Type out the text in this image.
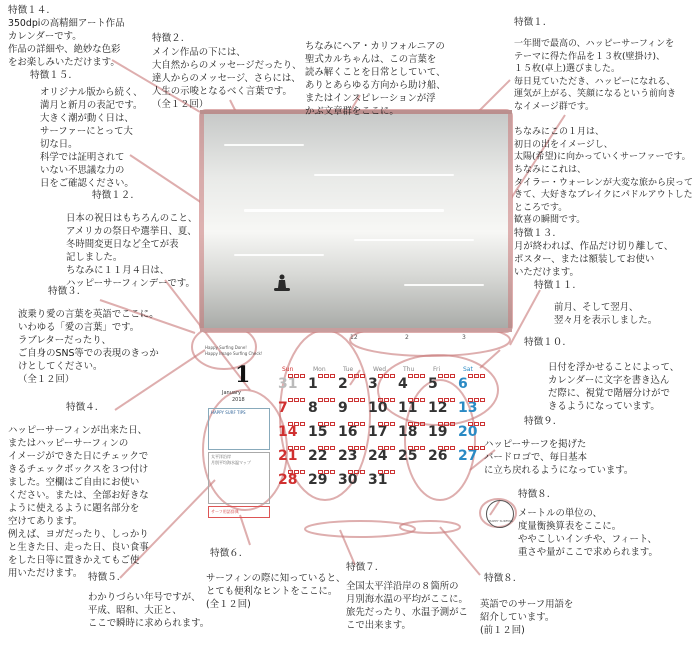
12	2	3
Happy Surfing Done!
Happy Image Surfing Check!
1
January
2018
Sun	Mon	Tue	Wed	Thu	Fri	Sat
31 1 2 3 4 5 6
7 8 9 10 11 12 13
14 15 16 17 18 19 20
21 22 23 24 25 26 27
28 29 30 31
HAPPY SURF TIPS
太平洋沿岸
月別平均海水温マップ
サーフ用語辞典
HAPPY SURFING
特徴１４.
350dpiの高精細アート作品
カレンダーです。
作品の詳細や、絶妙な色彩
をお楽しみいただけます。
特徴１５.
オリジナル版から続く、
満月と新月の表記です。
大きく潮が動く日は、
サーファーにとって大
切な日。
科学では証明されて
いない不思議な力の
日をご確認ください。
特徴２.
メイン作品の下には、
大自然からのメッセージだったり、
達人からのメッセージ、さらには、
人生の示唆となるべく言葉です。
（全１２回）
ちなみにヘア・カリフォルニアの
聖式カルちゃんは、この言葉を
読み解くことを日常としていて、
ありとあらゆる方向から助け船、
またはインスピレーションが浮
かぶ文章群をここに。
特徴１.
一年間で最高の、ハッピーサーフィンを
テーマに得た作品を１３枚(壁掛け)、
１５枚(卓上)選びました。
毎日見ていただき、ハッピーになれる、
運気が上がる、笑顔になるという前向き
なイメージ群です。

ちなみにこの１月は、
初日の出をイメージし、
太陽(希望)に向かっていくサーファーです。
ちなみにこれは、
タイラー・ウォーレンが大変な旅から戻って
きて、大好きなブレイクにパドルアウトした
ところです。
歓喜の瞬間です。
特徴１２.
日本の祝日はもちろんのこと、
アメリカの祭日や選挙日、夏、
冬時間変更日など全てが表
記しました。
ちなみに１１月４日は、
ハッピーサーフィンデーです。
特徴１３.
月が終われば、作品だけ切り離して、
ポスター、または額装してお使い
いただけます。
特徴３.
波乗り愛の言葉を英語でここに。
いわゆる「愛の言葉」です。
ラブレターだったり、
ご自身のSNS等での表現のきっか
けとしてください。
（全１２回）
特徴１１.
前月、そして翌月、
翌々月を表示しました。
特徴１０.
日付を浮かせることによって、
カレンダーに文字を書き込ん
だ際に、視覚で階層分けがで
きるようになっています。
特徴４.
ハッピーサーフィンが出来た日、
またはハッピーサーフィンの
イメージができた日にチェックで
きるチェックボックスを３つ付け
ました。空欄はご自由にお使い
ください。または、全部お好きな
ように使えるように題名部分を
空けてあります。
例えば、ヨガだったり、しっかり
と生きた日、走った日、良い食事
をした日等に置きかえてもご使
用いただけます。
特徴９.
ハッピーサーフを掲げた
バードロゴで、毎日基本
に立ち戻れるようになっています。
特徴８.
メートルの単位の、
度量衡換算表をここに。
ややこしいインチや、フィート、
重さや量がここで求められます。
特徴５.
わかりづらい年号ですが、
平成、昭和、大正と、
ここで瞬時に求められます。
特徴６.
サーフィンの際に知っていると、
とても便利なヒントをここに。
(全１２回)
特徴７.
全国太平洋沿岸の８箇所の
月別海水温の平均がここに。
旅先だったり、水温予測がこ
こで出来ます。
特徴８.
英語でのサーフ用語を
紹介しています。
(前１２回)
